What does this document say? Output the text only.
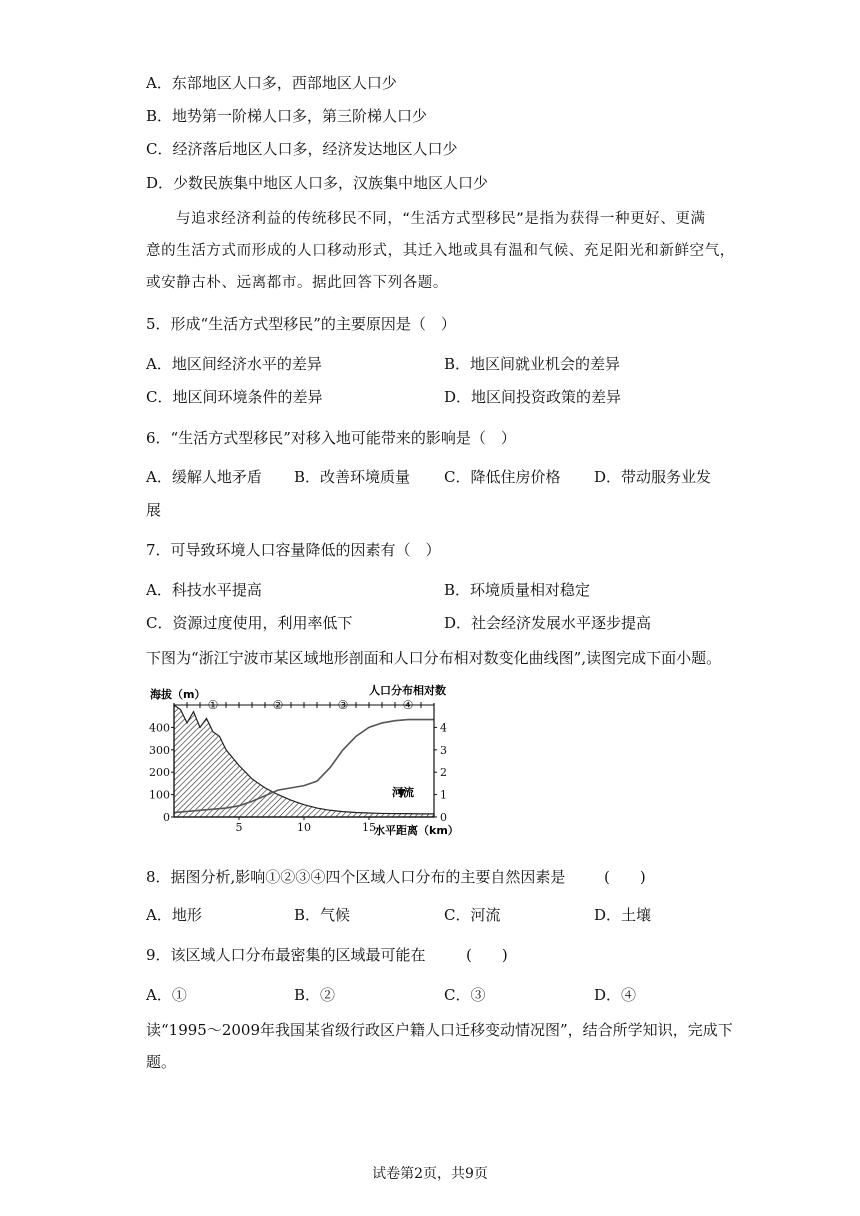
A．东部地区人口多，西部地区人口少
B．地势第一阶梯人口多，第三阶梯人口少
C．经济落后地区人口多，经济发达地区人口少
D．少数民族集中地区人口多，汉族集中地区人口少
与追求经济利益的传统移民不同，“生活方式型移民”是指为获得一种更好、更满
意的生活方式而形成的人口移动形式，其迁入地或具有温和气候、充足阳光和新鲜空气，
或安静古朴、远离都市。据此回答下列各题。
5．形成“生活方式型移民”的主要原因是（　）
A．地区间经济水平的差异	B．地区间就业机会的差异
C．地区间环境条件的差异	D．地区间投资政策的差异
6．“生活方式型移民”对移入地可能带来的影响是（　）
A．缓解人地矛盾 B．改善环境质量 C．降低住房价格 D．带动服务业发
展
7．可导致环境人口容量降低的因素有（　）
A．科技水平提高	B．环境质量相对稳定
C．资源过度使用，利用率低下	D．社会经济发展水平逐步提高
下图为“浙江宁波市某区域地形剖面和人口分布相对数变化曲线图”,读图完成下面小题。
①	②	③	④
0
100
200
300
400
0
1
2
3
4
5	10	15
海拔（m）	人口分布相对数
水平距离（km）
河流
8．据图分析,影响①②③④四个区域人口分布的主要自然因素是	(　　)
A．地形	B．气候	C．河流	D．土壤
9．该区域人口分布最密集的区域最可能在	(　　)
A．①	B．②	C．③	D．④
读“1995～2009年我国某省级行政区户籍人口迁移变动情况图”，结合所学知识，完成下
题。
试卷第2页，共9页
